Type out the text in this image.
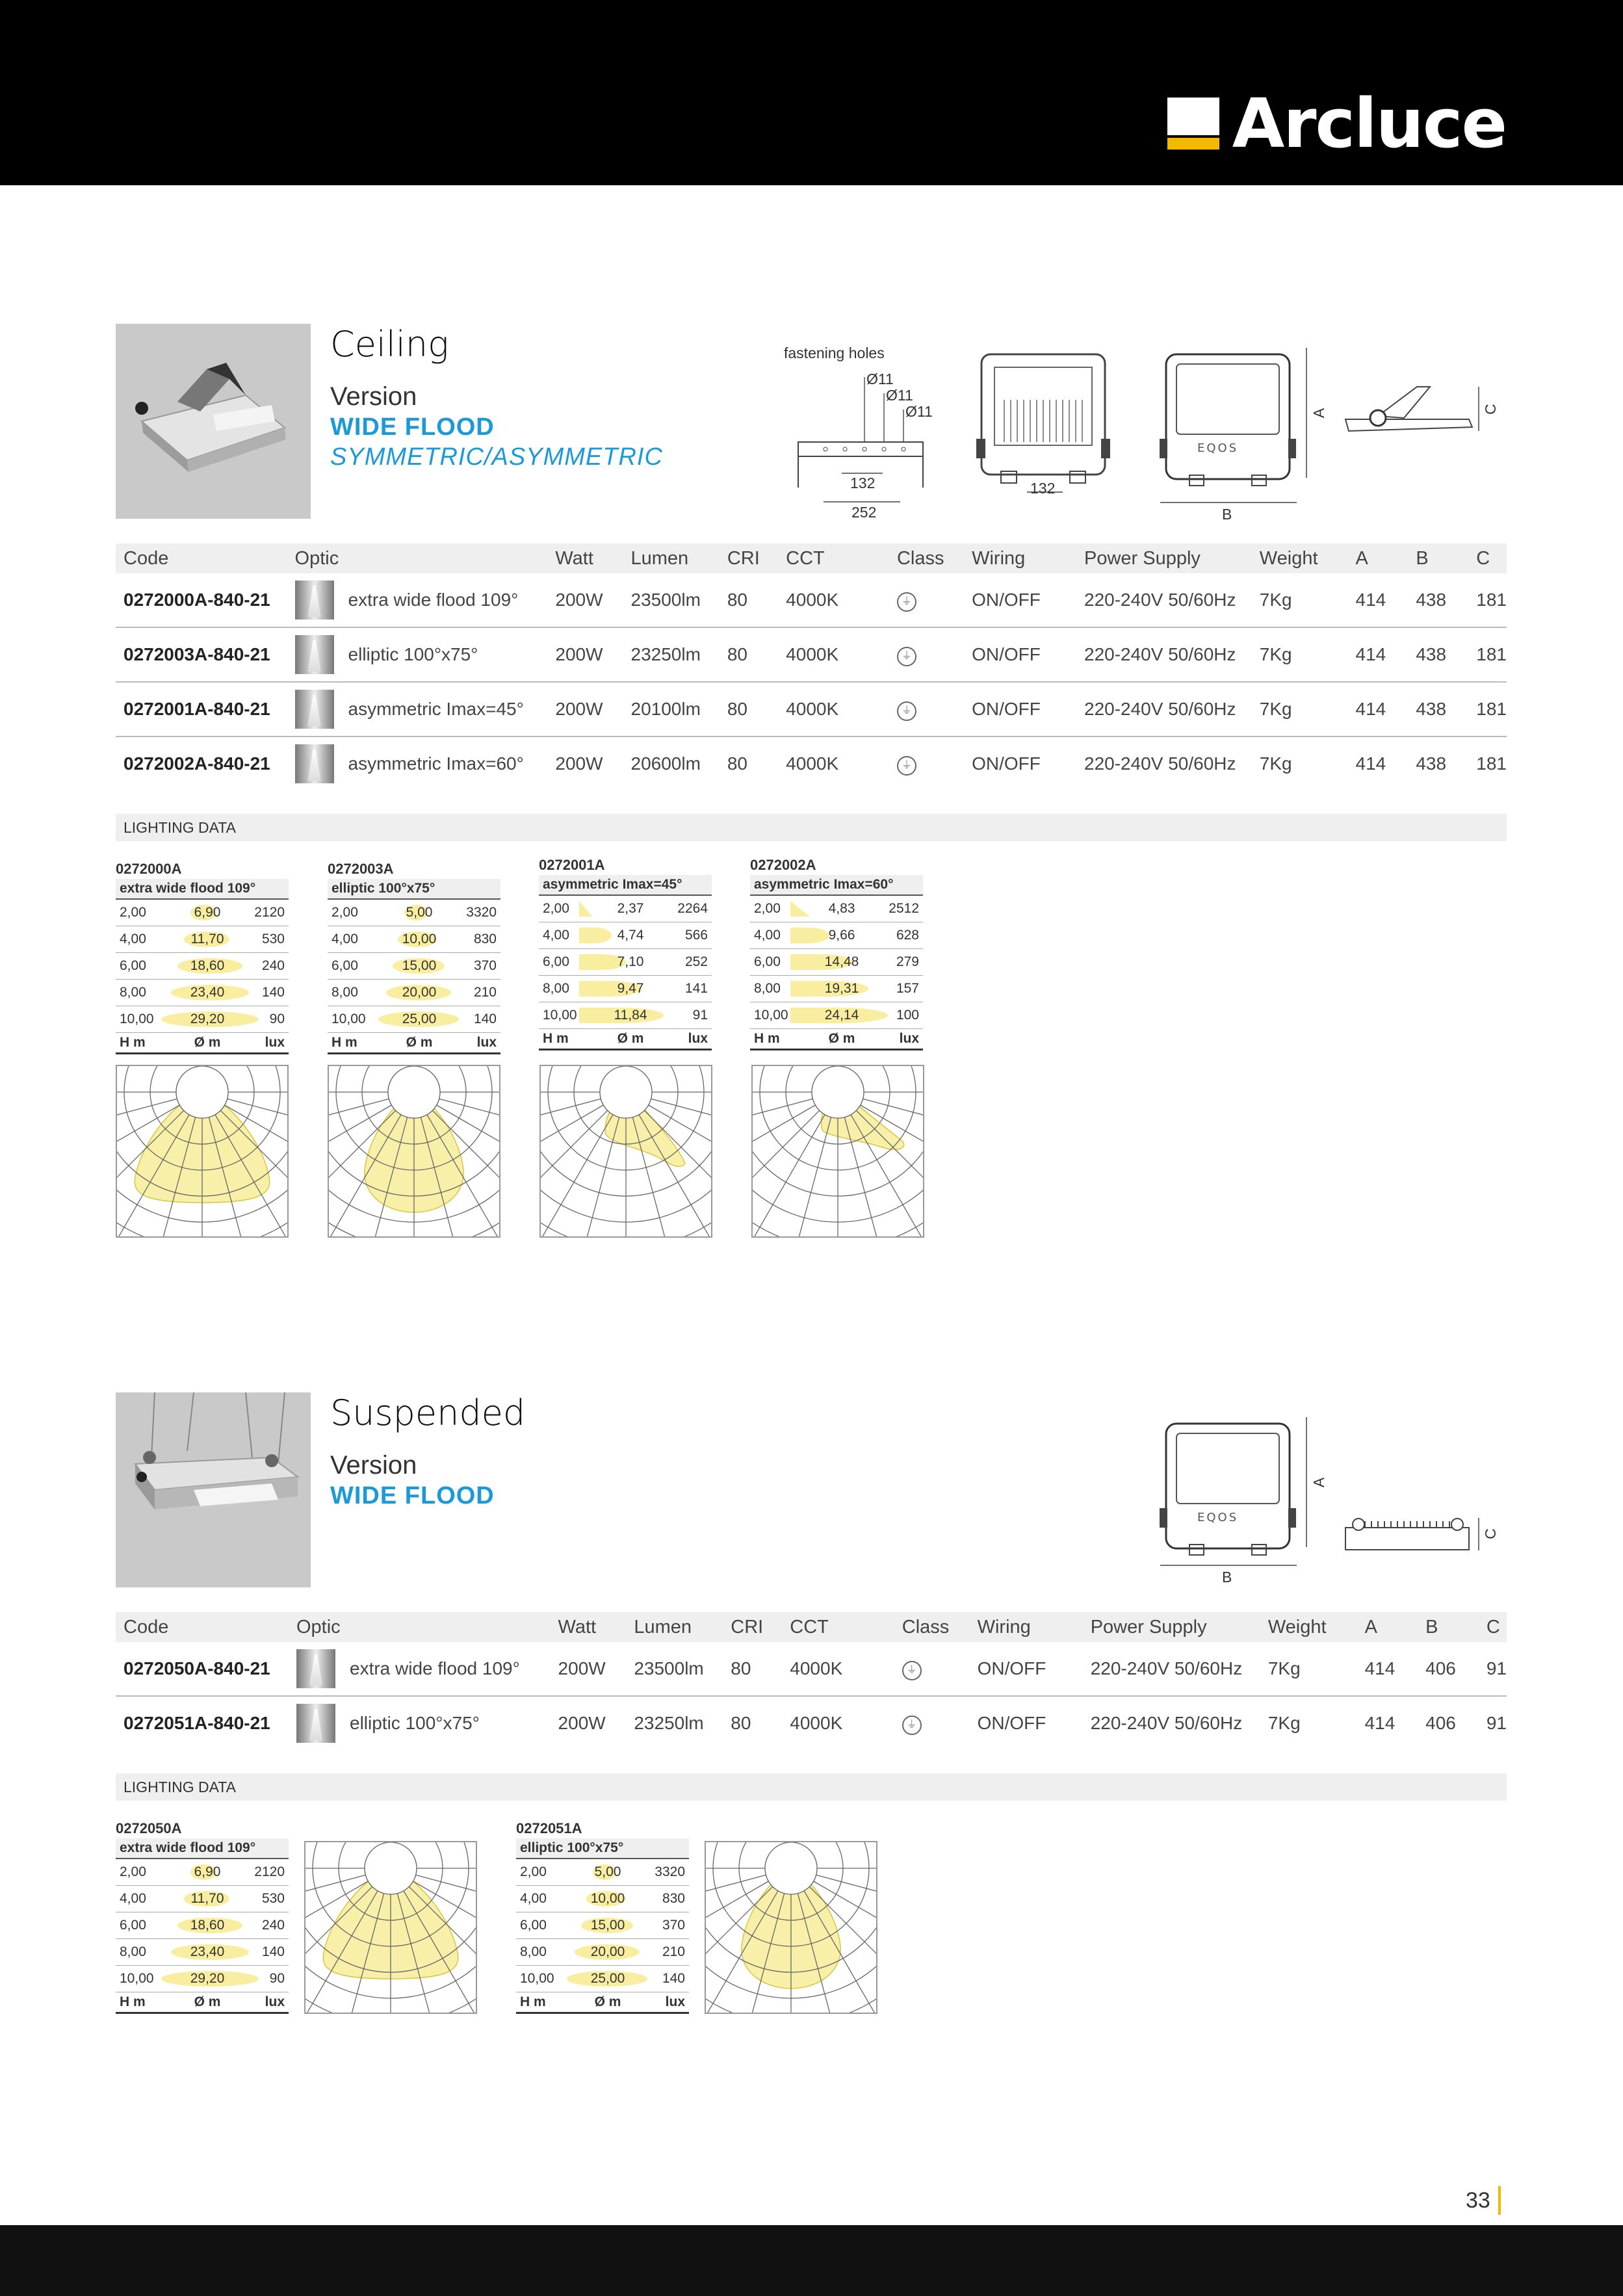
Arcluce
Ceiling
Version
WIDE FLOOD
SYMMETRIC/ASYMMETRIC
fastening holes
Ø11
Ø11
Ø11
132
252
132
EQOS
A
B
C
Code	Optic	Watt	Lumen	CRI	CCT	Class	Wiring	Power Supply	Weight	A	B	C
0272000A-840-21	extra wide flood 109°	200W	23500lm	80	4000K	⏚	ON/OFF	220-240V 50/60Hz	7Kg	414	438	181
0272003A-840-21	elliptic 100°x75°	200W	23250lm	80	4000K	⏚	ON/OFF	220-240V 50/60Hz	7Kg	414	438	181
0272001A-840-21	asymmetric Imax=45°	200W	20100lm	80	4000K	⏚	ON/OFF	220-240V 50/60Hz	7Kg	414	438	181
0272002A-840-21	asymmetric Imax=60°	200W	20600lm	80	4000K	⏚	ON/OFF	220-240V 50/60Hz	7Kg	414	438	181
LIGHTING DATA
0272000A
extra wide flood 109°
2,00	6,90	2120
4,00	11,70	530
6,00	18,60	240
8,00	23,40	140
10,00	29,20	90
H m	Ø m	lux
0272003A
elliptic 100°x75°
2,00	5,00	3320
4,00	10,00	830
6,00	15,00	370
8,00	20,00	210
10,00	25,00	140
H m	Ø m	lux
0272001A
asymmetric Imax=45°
2,00	2,37	2264
4,00	4,74	566
6,00	7,10	252
8,00	9,47	141
10,00	11,84	91
H m	Ø m	lux
0272002A
asymmetric Imax=60°
2,00	4,83	2512
4,00	9,66	628
6,00	14,48	279
8,00	19,31	157
10,00	24,14	100
H m	Ø m	lux
Suspended
Version
WIDE FLOOD
EQOS
A
B
C
Code	Optic	Watt	Lumen	CRI	CCT	Class	Wiring	Power Supply	Weight	A	B	C
0272050A-840-21	extra wide flood 109°	200W	23500lm	80	4000K	⏚	ON/OFF	220-240V 50/60Hz	7Kg	414	406	91
0272051A-840-21	elliptic 100°x75°	200W	23250lm	80	4000K	⏚	ON/OFF	220-240V 50/60Hz	7Kg	414	406	91
LIGHTING DATA
0272050A
extra wide flood 109°
2,00	6,90	2120
4,00	11,70	530
6,00	18,60	240
8,00	23,40	140
10,00	29,20	90
H m	Ø m	lux
0272051A
elliptic 100°x75°
2,00	5,00	3320
4,00	10,00	830
6,00	15,00	370
8,00	20,00	210
10,00	25,00	140
H m	Ø m	lux
33
